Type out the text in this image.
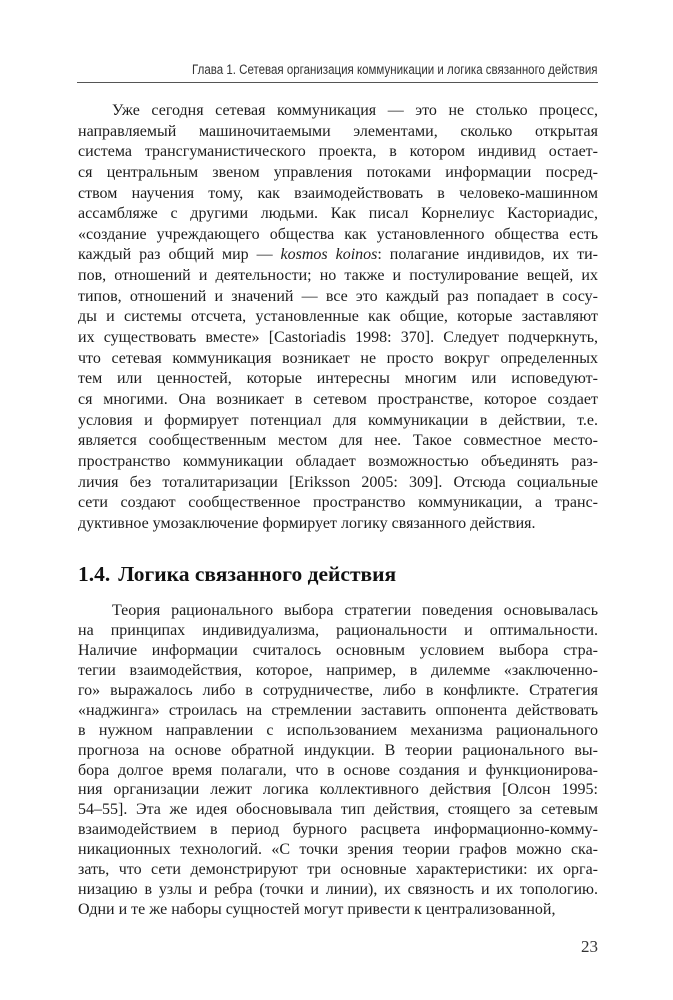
Глава 1. Сетевая организация коммуникации и логика связанного действия
Уже сегодня сетевая коммуникация — это не столько процесс,
направляемый машиночитаемыми элементами, сколько открытая
система трансгуманистического проекта, в котором индивид остает-
ся центральным звеном управления потоками информации посред-
ством научения тому, как взаимодействовать в человеко-машинном
ассамбляже с другими людьми. Как писал Корнелиус Касториадис,
«создание учреждающего общества как установленного общества есть
каждый раз общий мир — kosmos koinos: полагание индивидов, их ти-
пов, отношений и деятельности; но также и постулирование вещей, их
типов, отношений и значений — все это каждый раз попадает в сосу-
ды и системы отсчета, установленные как общие, которые заставляют
их существовать вместе» [Castoriadis 1998: 370]. Следует подчеркнуть,
что сетевая коммуникация возникает не просто вокруг определенных
тем или ценностей, которые интересны многим или исповедуют-
ся многими. Она возникает в сетевом пространстве, которое создает
условия и формирует потенциал для коммуникации в действии, т.е.
является сообщественным местом для нее. Такое совместное место-
пространство коммуникации обладает возможностью объединять раз-
личия без тоталитаризации [Eriksson 2005: 309]. Отсюда социальные
сети создают сообщественное пространство коммуникации, а транс-
дуктивное умозаключение формирует логику связанного действия.
1.4. Логика связанного действия
Теория рационального выбора стратегии поведения основывалась
на принципах индивидуализма, рациональности и оптимальности.
Наличие информации считалось основным условием выбора стра-
тегии взаимодействия, которое, например, в дилемме «заключенно-
го» выражалось либо в сотрудничестве, либо в конфликте. Стратегия
«наджинга» строилась на стремлении заставить оппонента действовать
в нужном направлении с использованием механизма рационального
прогноза на основе обратной индукции. В теории рационального вы-
бора долгое время полагали, что в основе создания и функционирова-
ния организации лежит логика коллективного действия [Олсон 1995:
54–55]. Эта же идея обосновывала тип действия, стоящего за сетевым
взаимодействием в период бурного расцвета информационно-комму-
никационных технологий. «С точки зрения теории графов можно ска-
зать, что сети демонстрируют три основные характеристики: их орга-
низацию в узлы и ребра (точки и линии), их связность и их топологию.
Одни и те же наборы сущностей могут привести к централизованной,
23
